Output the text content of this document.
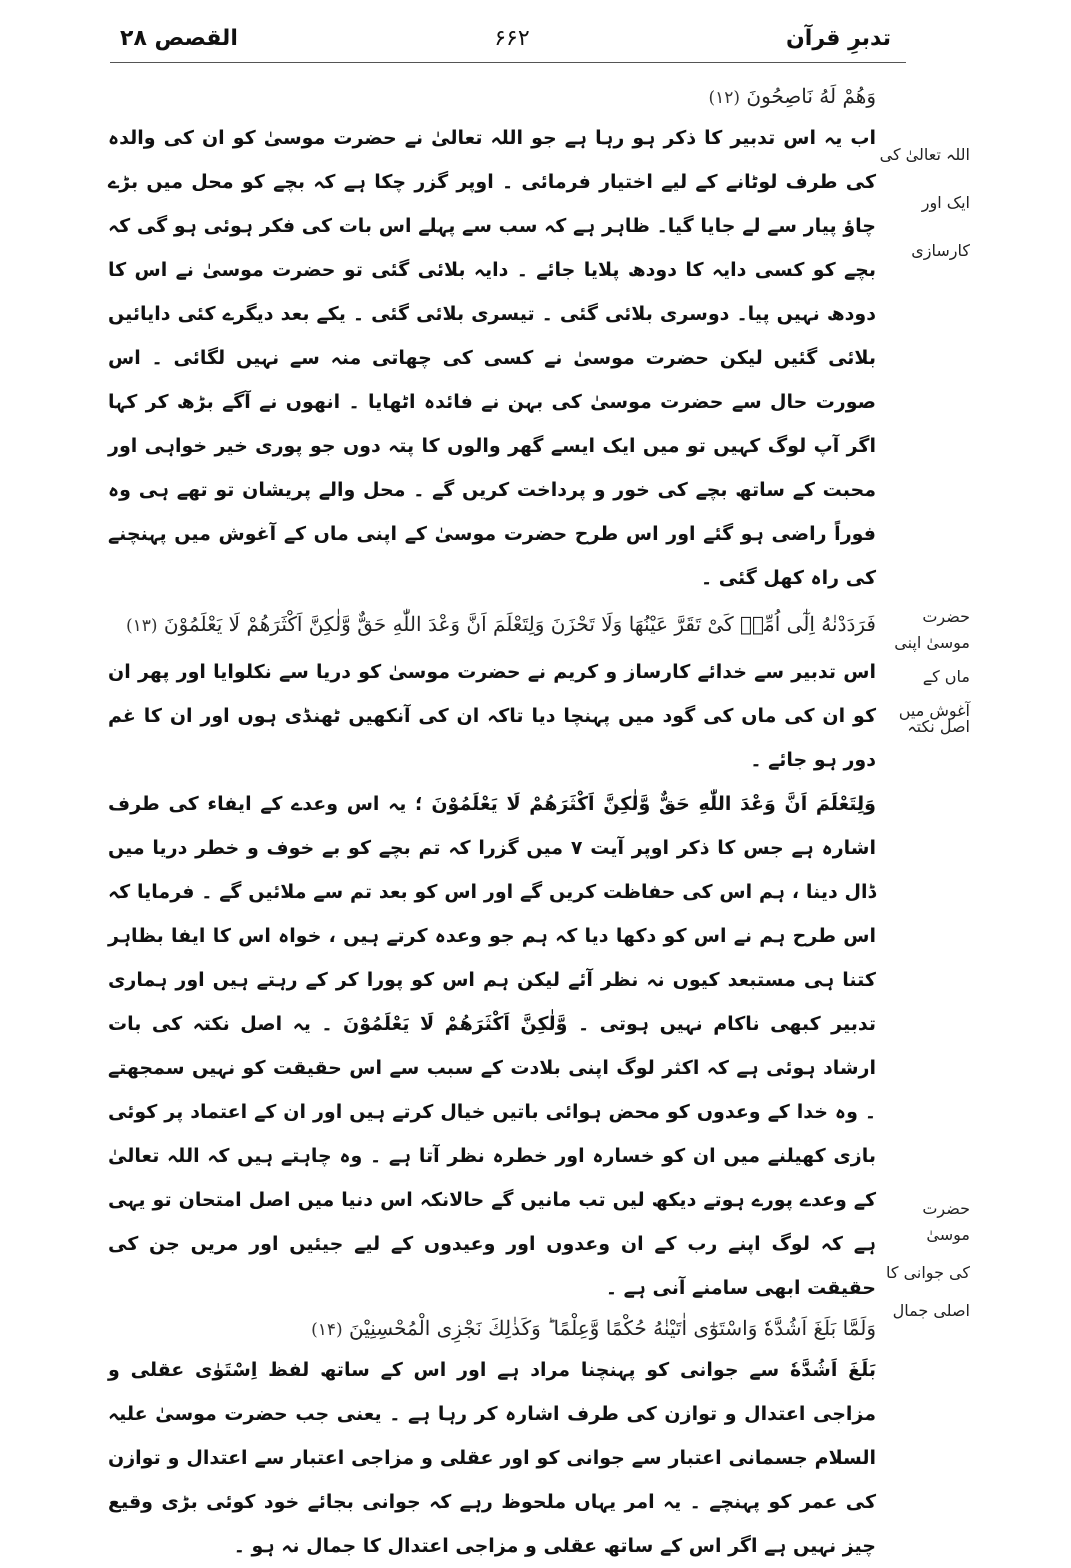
تدبرِ قرآن
۶۶۲
القصص ۲۸

وَهُمْ لَهُ نَاصِحُونَ (۱۲)

اب یہ اس تدبیر کا ذکر ہو رہا ہے جو اللہ تعالیٰ نے حضرت موسیٰ کو ان کی والدہ کی طرف لوٹانے کے لیے اختیار فرمائی ۔ اوپر گزر چکا ہے کہ بچے کو محل میں بڑے چاؤ پیار سے لے جایا گیا۔ ظاہر ہے کہ سب سے پہلے اس بات کی فکر ہوئی ہو گی کہ بچے کو کسی دایہ کا دودھ پلایا جائے ۔ دایہ بلائی گئی تو حضرت موسیٰ نے اس کا دودھ نہیں پیا۔ دوسری بلائی گئی ۔ تیسری بلائی گئی ۔ یکے بعد دیگرے کئی دایائیں بلائی گئیں لیکن حضرت موسیٰ نے کسی کی چھاتی منہ سے نہیں لگائی ۔ اس صورت حال سے حضرت موسیٰ کی بہن نے فائدہ اٹھایا ۔ انھوں نے آگے بڑھ کر کہا اگر آپ لوگ کہیں تو میں ایک ایسے گھر والوں کا پتہ دوں جو پوری خیر خواہی اور محبت کے ساتھ بچے کی خور و پرداخت کریں گے ۔ محل والے پریشان تو تھے ہی وہ فوراً راضی ہو گئے اور اس طرح حضرت موسیٰ کے اپنی ماں کے آغوش میں پہنچنے کی راہ کھل گئی ۔

فَرَدَدْنٰهُ اِلٰٓى اُمِّهٖ كَیْ تَقَرَّ عَیْنُهَا وَلَا تَحْزَنَ وَلِتَعْلَمَ اَنَّ وَعْدَ اللّٰهِ حَقٌّ وَّلٰكِنَّ اَكْثَرَهُمْ لَا یَعْلَمُوْنَ (۱۳)

اس تدبیر سے خدائے کارساز و کریم نے حضرت موسیٰ کو دریا سے نکلوایا اور پھر ان کو ان کی ماں کی گود میں پہنچا دیا تاکہ ان کی آنکھیں ٹھنڈی ہوں اور ان کا غم دور ہو جائے ۔

وَلِتَعْلَمَ اَنَّ وَعْدَ اللّٰهِ حَقٌّ وَّلٰكِنَّ اَكْثَرَهُمْ لَا یَعْلَمُوْنَ ؛ یہ اس وعدے کے ایفاء کی طرف اشارہ ہے جس کا ذکر اوپر آیت ۷ میں گزرا کہ تم بچے کو بے خوف و خطر دریا میں ڈال دینا ، ہم اس کی حفاظت کریں گے اور اس کو بعد تم سے ملائیں گے ۔ فرمایا کہ اس طرح ہم نے اس کو دکھا دیا کہ ہم جو وعدہ کرتے ہیں ، خواہ اس کا ایفا بظاہر کتنا ہی مستبعد کیوں نہ نظر آئے لیکن ہم اس کو پورا کر کے رہتے ہیں اور ہماری تدبیر کبھی ناکام نہیں ہوتی ۔ وَّلٰكِنَّ اَكْثَرَهُمْ لَا یَعْلَمُوْنَ ۔ یہ اصل نکتہ کی بات ارشاد ہوئی ہے کہ اکثر لوگ اپنی بلادت کے سبب سے اس حقیقت کو نہیں سمجھتے ۔ وہ خدا کے وعدوں کو محض ہوائی باتیں خیال کرتے ہیں اور ان کے اعتماد پر کوئی بازی کھیلنے میں ان کو خسارہ اور خطرہ نظر آتا ہے ۔ وہ چاہتے ہیں کہ اللہ تعالیٰ کے وعدے پورے ہوتے دیکھ لیں تب مانیں گے حالانکہ اس دنیا میں اصل امتحان تو یہی ہے کہ لوگ اپنے رب کے ان وعدوں اور وعیدوں کے لیے جیئیں اور مریں جن کی حقیقت ابھی سامنے آنی ہے ۔

وَلَمَّا بَلَغَ اَشُدَّهٗ وَاسْتَوٰٓى اٰتَیْنٰهُ حُكْمًا وَّعِلْمًا ؕ وَكَذٰلِكَ نَجْزِی الْمُحْسِنِیْنَ (۱۴)

بَلَغَ اَشُدَّهٗ سے جوانی کو پہنچنا مراد ہے اور اس کے ساتھ لفظ اِسْتَوٰی عقلی و مزاجی اعتدال و توازن کی طرف اشارہ کر رہا ہے ۔ یعنی جب حضرت موسیٰ علیہ السلام جسمانی اعتبار سے جوانی کو اور عقلی و مزاجی اعتبار سے اعتدال و توازن کی عمر کو پہنچے ۔ یہ امر یہاں ملحوظ رہے کہ جوانی بجائے خود کوئی بڑی وقیع چیز نہیں ہے اگر اس کے ساتھ عقلی و مزاجی اعتدال کا جمال نہ ہو ۔

اللہ تعالیٰ کی
ایک اور
کارسازی
حضرت موسیٰ اپنی
ماں کے
آغوش میں
اصل نکتہ
حضرت موسیٰ
کی جوانی کا
اصلی جمال
